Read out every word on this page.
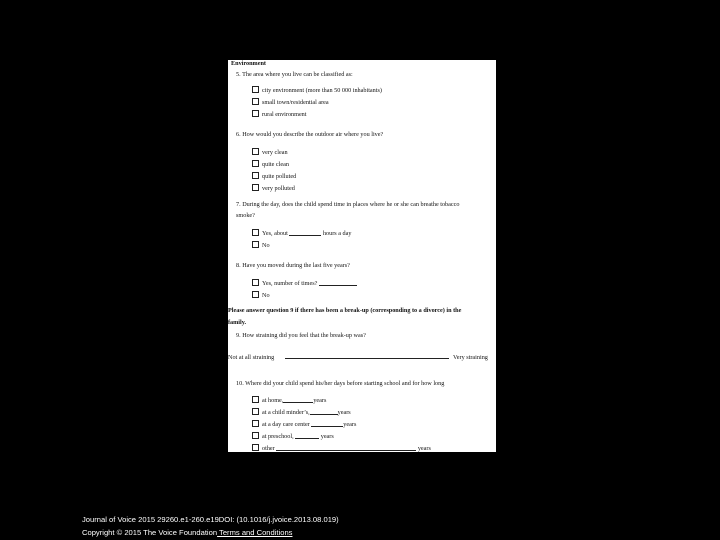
Environment
5. The area where you live can be classified as:
city environment (more than 50 000 inhabitants)
small town/residential area
rural environment
6. How would you describe the outdoor air where you live?
very clean
quite clean
quite polluted
very polluted
7. During the day, does the child spend time in places where he or she can breathe tobacco
smoke?
Yes, about	hours a day
No
8. Have you moved during the last five years?
Yes, number of times?
No
Please answer question 9 if there has been a break-up (corresponding to a divorce) in the
family.
9. How straining did you feel that the break-up was?
Not at all straining	Very straining
10. Where did your child spend his/her days before starting school and for how long
at home,	years
at a child minder’s,	years
at a day care center	years
at preschool,	years
other	years
Journal of Voice 2015 29260.e1-260.e19DOI: (10.1016/j.jvoice.2013.08.019)
Copyright © 2015 The Voice Foundation Terms and Conditions
